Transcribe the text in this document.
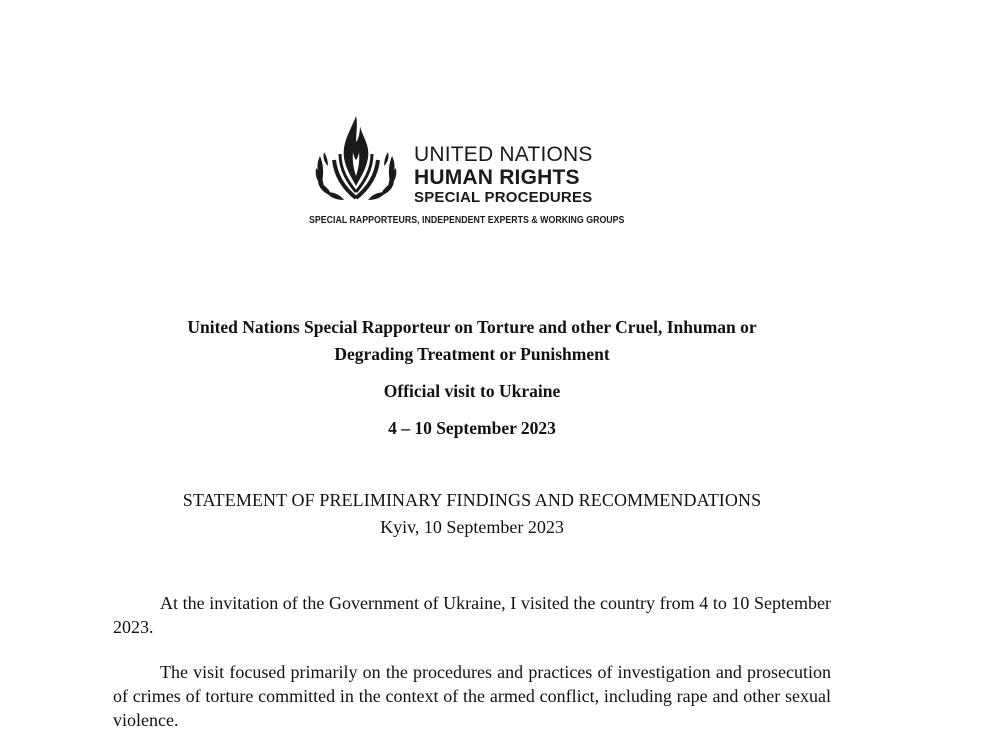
UNITED NATIONS
HUMAN RIGHTS
SPECIAL PROCEDURES
SPECIAL RAPPORTEURS, INDEPENDENT EXPERTS & WORKING GROUPS
United Nations Special Rapporteur on Torture and other Cruel, Inhuman or
Degrading Treatment or Punishment
Official visit to Ukraine
4 – 10 September 2023
STATEMENT OF PRELIMINARY FINDINGS AND RECOMMENDATIONS
Kyiv, 10 September 2023

At the invitation of the Government of Ukraine, I visited the country from 4 to 10 September 2023.

The visit focused primarily on the procedures and practices of investigation and prosecution of crimes of torture committed in the context of the armed conflict, including rape and other sexual violence.
